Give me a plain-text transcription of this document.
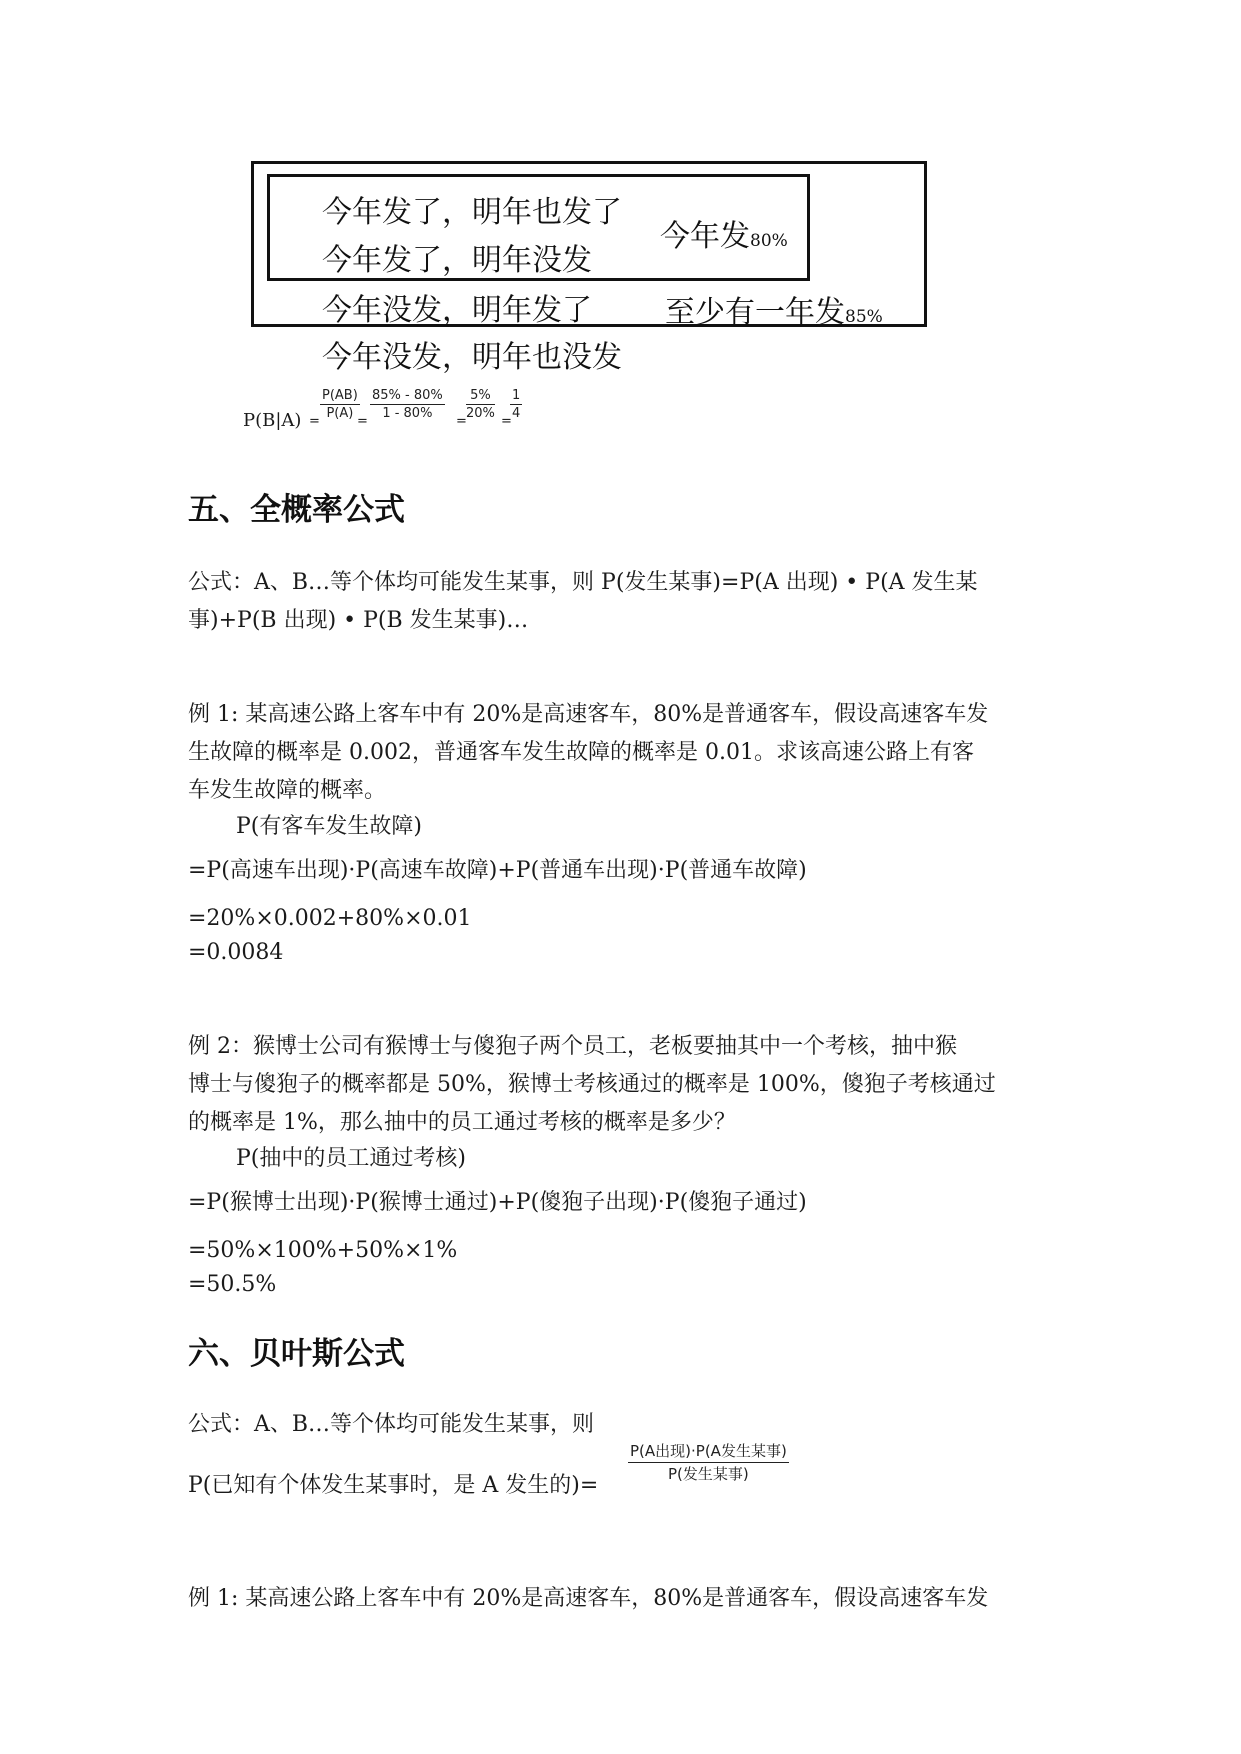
今年发了，明年也发了
今年发了，明年没发
今年没发，明年发了
今年没发，明年也没发
今年发80%
至少有一年发85%
$P(B|A) = \frac{P(AB)}{P(A)}$
= $\frac{85\% - 80\%}{1 - 80\%} = \frac{5\%}{20\%}$ =
$\frac{1}{4}$
五、全概率公式
公式：A、B…等个体均可能发生某事，则 P(发生某事)=P(A 出现) • P(A 发生某
事)+P(B 出现) • P(B 发生某事)…
例 1: 某高速公路上客车中有 20%是高速客车，80%是普通客车，假设高速客车发
生故障的概率是 0.002，普通客车发生故障的概率是 0.01。求该高速公路上有客
车发生故障的概率。
P(有客车发生故障)
=P(高速车出现)·P(高速车故障)+P(普通车出现)·P(普通车故障)
=20%×0.002+80%×0.01
=0.0084
例 2：猴博士公司有猴博士与傻狍子两个员工，老板要抽其中一个考核，抽中猴
博士与傻狍子的概率都是 50%，猴博士考核通过的概率是 100%，傻狍子考核通过
的概率是 1%，那么抽中的员工通过考核的概率是多少？
P(抽中的员工通过考核)
=P(猴博士出现)·P(猴博士通过)+P(傻狍子出现)·P(傻狍子通过)
=50%×100%+50%×1%
=50.5%
六、贝叶斯公式
公式：A、B…等个体均可能发生某事，则
P(已知有个体发生某事时，是 A 发生的)=
P(A出现)·P(A发生某事)
P(发生某事)
例 1: 某高速公路上客车中有 20%是高速客车，80%是普通客车，假设高速客车发
